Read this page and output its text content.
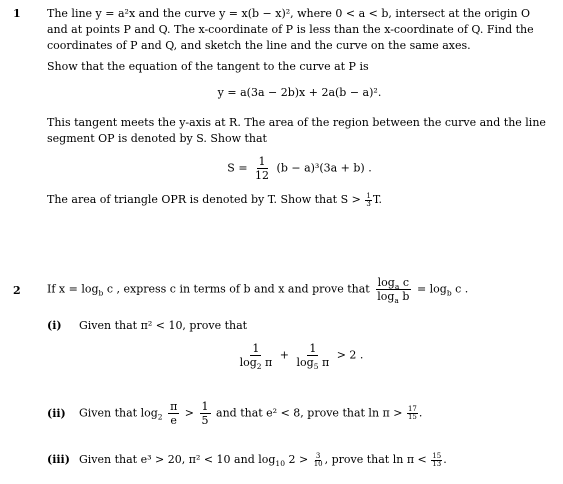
1 The line y = a²x and the curve y = x(b − x)², where 0 < a < b, intersect at the origin O and at points P and Q. The x-coordinate of P is less than the x-coordinate of Q. Find the coordinates of P and Q, and sketch the line and the curve on the same axes.

Show that the equation of the tangent to the curve at P is

y = a(3a − 2b)x + 2a(b − a)².

This tangent meets the y-axis at R. The area of the region between the curve and the line segment OP is denoted by S. Show that

$S = \frac{1}{12} (b - a)^3(3a + b)$ .

The area of triangle OPR is denoted by T. Show that $S > \frac{1}{3} T$.

2 If $x = \log_b c$ , express c in terms of b and x and prove that $\frac{\log_a c}{\log_a b} = \log_b c$ .

(i) Given that π² < 10, prove that

$\frac{1}{\log_2 \pi} + \frac{1}{\log_5 \pi} > 2$ .

(ii) Given that $\log_2 \frac{\pi}{e} > \frac{1}{5}$ and that e² < 8, prove that $\ln \pi > \frac{17}{15}$ .

(iii) Given that e³ > 20, π² < 10 and $\log_{10} 2 > \frac{3}{10}$ , prove that $\ln \pi < \frac{15}{13}$ .
